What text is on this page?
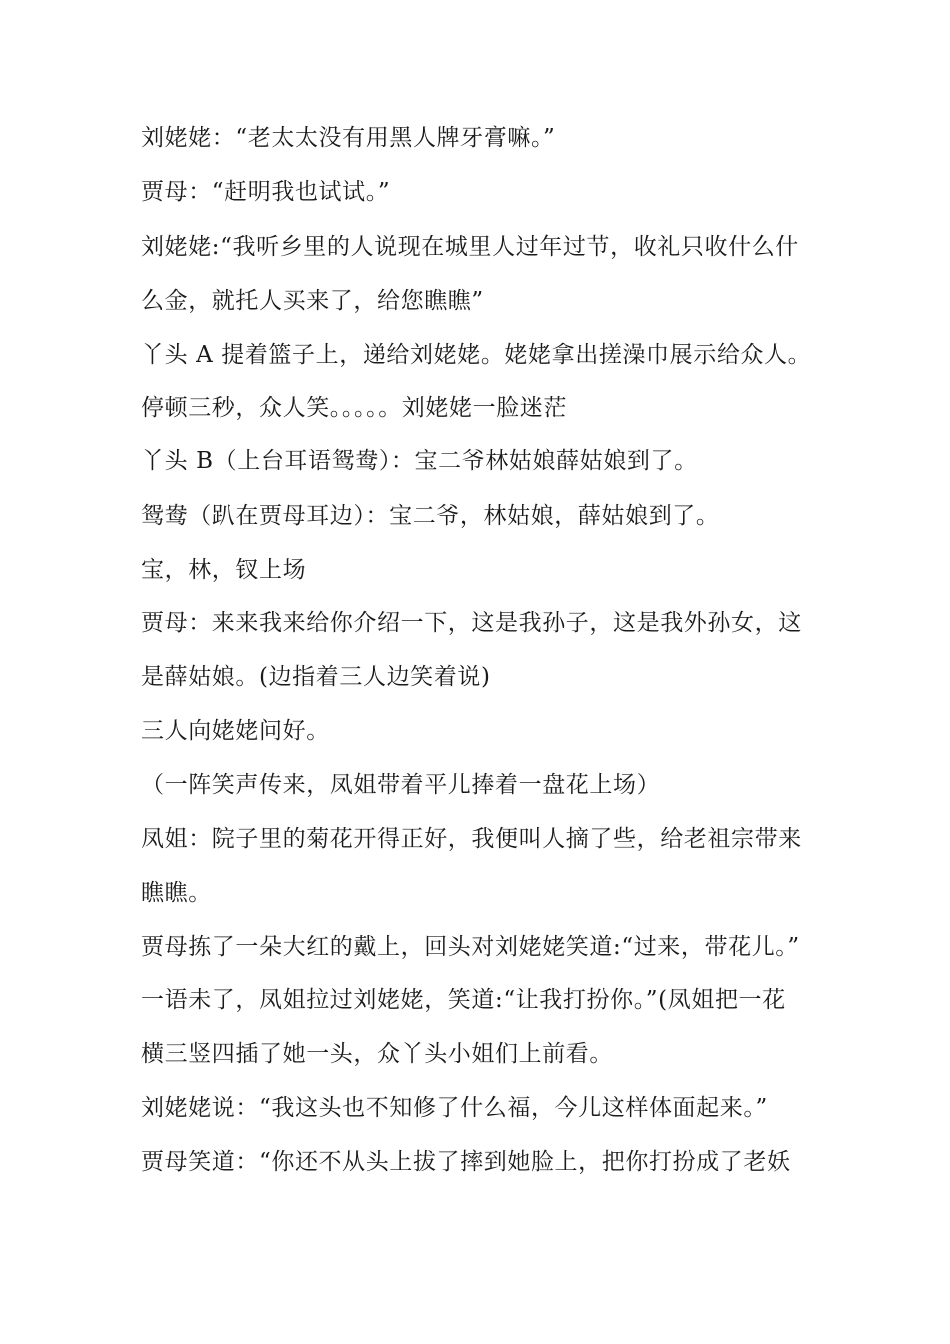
刘姥姥：“老太太没有用黑人牌牙膏嘛。”
贾母：“赶明我也试试。”
刘姥姥:“我听乡里的人说现在城里人过年过节，收礼只收什么什
么金，就托人买来了，给您瞧瞧”
丫头 A 提着篮子上，递给刘姥姥。姥姥拿出搓澡巾展示给众人。
停顿三秒，众人笑。。。。。刘姥姥一脸迷茫
丫头 B（上台耳语鸳鸯）：宝二爷林姑娘薛姑娘到了。
鸳鸯（趴在贾母耳边）：宝二爷，林姑娘，薛姑娘到了。
宝，林，钗上场
贾母：来来我来给你介绍一下，这是我孙子，这是我外孙女，这
是薛姑娘。(边指着三人边笑着说)
三人向姥姥问好。
（一阵笑声传来，凤姐带着平儿捧着一盘花上场）
凤姐：院子里的菊花开得正好，我便叫人摘了些，给老祖宗带来
瞧瞧。
贾母拣了一朵大红的戴上，回头对刘姥姥笑道:“过来，带花儿。”
一语未了，凤姐拉过刘姥姥，笑道:“让我打扮你。”(凤姐把一花
横三竖四插了她一头，众丫头小姐们上前看。
刘姥姥说：“我这头也不知修了什么福，今儿这样体面起来。”
贾母笑道：“你还不从头上拔了摔到她脸上，把你打扮成了老妖
